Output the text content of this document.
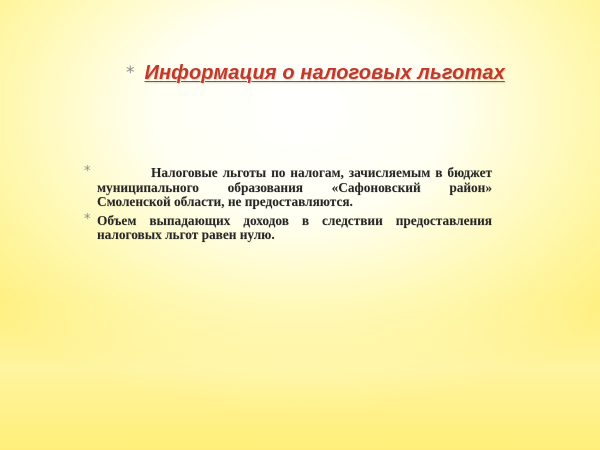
* Информация о налоговых льготах
*	Налоговые льготы по налогам, зачисляемым в бюджет муниципального образования «Сафоновский район» Смоленской области, не предоставляются.
* Объем выпадающих доходов в следствии предоставления налоговых льгот равен нулю.
